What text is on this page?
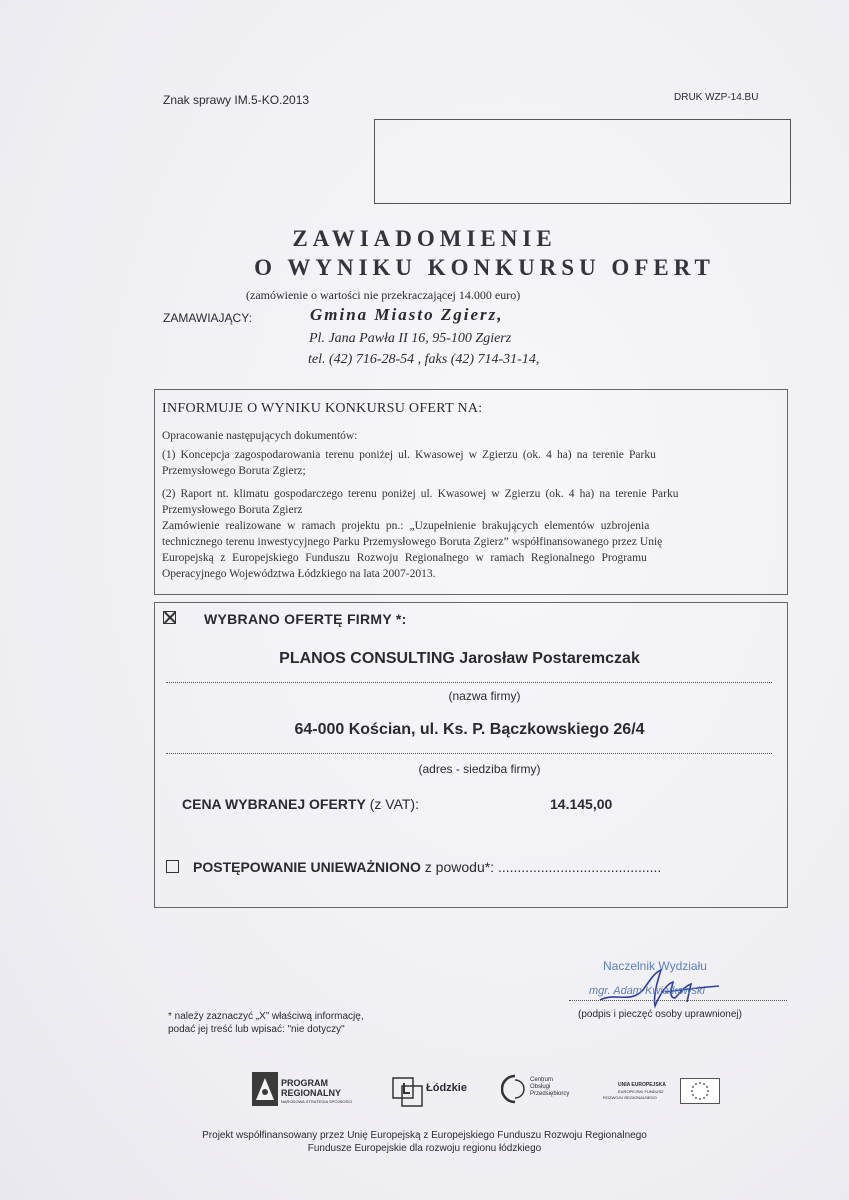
Znak sprawy IM.5-KO.2013	DRUK WZP-14.BU
ZAWIADOMIENIE
O WYNIKU KONKURSU OFERT
(zamówienie o wartości nie przekraczającej 14.000 euro)
ZAMAWIAJĄCY:	Gmina Miasto Zgierz,
Pl. Jana Pawła II 16, 95-100 Zgierz
tel. (42) 716-28-54 , faks (42) 714-31-14,
INFORMUJE O WYNIKU KONKURSU OFERT NA:
Opracowanie następujących dokumentów:
(1) Koncepcja zagospodarowania terenu poniżej ul. Kwasowej w Zgierzu (ok. 4 ha) na terenie Parku
Przemysłowego Boruta Zgierz;
(2) Raport nt. klimatu gospodarczego terenu poniżej ul. Kwasowej w Zgierzu (ok. 4 ha) na terenie Parku
Przemysłowego Boruta Zgierz
Zamówienie realizowane w ramach projektu pn.: „Uzupełnienie brakujących elementów uzbrojenia
technicznego terenu inwestycyjnego Parku Przemysłowego Boruta Zgierz” współfinansowanego przez Unię
Europejską z Europejskiego Funduszu Rozwoju Regionalnego w ramach Regionalnego Programu
Operacyjnego Województwa Łódzkiego na lata 2007-2013.
WYBRANO OFERTĘ FIRMY *:
PLANOS CONSULTING Jarosław Postaremczak
(nazwa firmy)
64-000 Kościan, ul. Ks. P. Bączkowskiego 26/4
(adres - siedziba firmy)
CENA WYBRANEJ OFERTY (z VAT):	14.145,00
POSTĘPOWANIE UNIEWAŻNIONO z powodu*: ..........................................
* należy zaznaczyć „X” właściwą informację,
podać jej treść lub wpisać: "nie dotyczy"
Naczelnik Wydziału
mgr. Adam Kwiatkowski
(podpis i pieczęć osoby uprawnionej)
PROGRAM
REGIONALNY
NARODOWA STRATEGIA SPÓJNOŚCI
Łódzkie
Centrum
Obsługi
Przedsiębiorcy
UNIA EUROPEJSKA
EUROPEJSKI FUNDUSZ
ROZWOJU REGIONALNEGO
Projekt współfinansowany przez Unię Europejską z Europejskiego Funduszu Rozwoju Regionalnego
Fundusze Europejskie dla rozwoju regionu łódzkiego
